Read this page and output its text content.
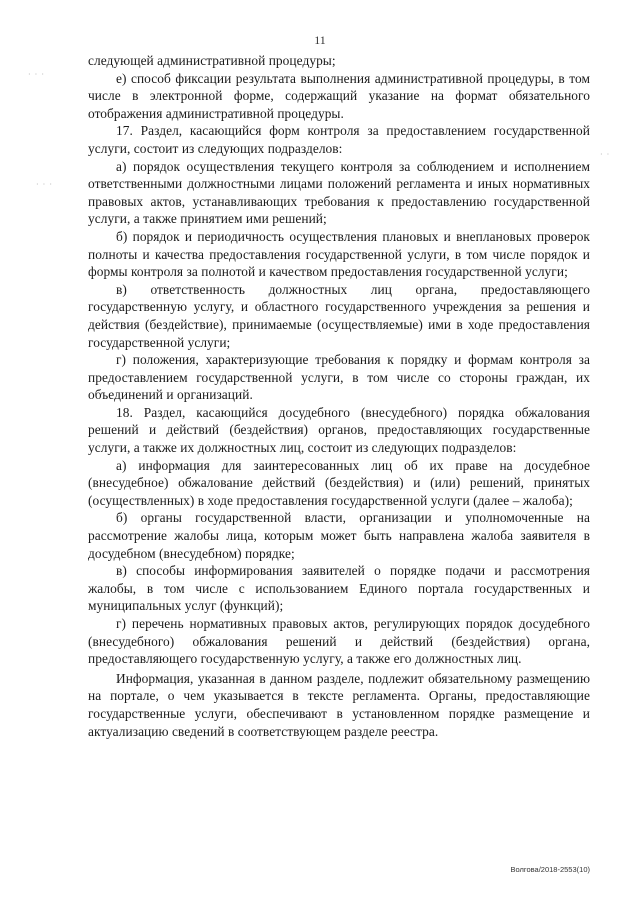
11
· · ·
· · ·
· ·

следующей административной процедуры;

е) способ фиксации результата выполнения административной процедуры, в том числе в электронной форме, содержащий указание на формат обязательного отображения административной процедуры.

17. Раздел, касающийся форм контроля за предоставлением государственной услуги, состоит из следующих подразделов:

а) порядок осуществления текущего контроля за соблюдением и исполнением ответственными должностными лицами положений регламента и иных нормативных правовых актов, устанавливающих требования к предоставлению государственной услуги, а также принятием ими решений;

б) порядок и периодичность осуществления плановых и внеплановых проверок полноты и качества предоставления государственной услуги, в том числе порядок и формы контроля за полнотой и качеством предоставления государственной услуги;

в) ответственность должностных лиц органа, предоставляющего государственную услугу, и областного государственного учреждения за решения и действия (бездействие), принимаемые (осуществляемые) ими в ходе предоставления государственной услуги;

г) положения, характеризующие требования к порядку и формам контроля за предоставлением государственной услуги, в том числе со стороны граждан, их объединений и организаций.

18. Раздел, касающийся досудебного (внесудебного) порядка обжалования решений и действий (бездействия) органов, предоставляющих государственные услуги, а также их должностных лиц, состоит из следующих подразделов:

а) информация для заинтересованных лиц об их праве на досудебное (внесудебное) обжалование действий (бездействия) и (или) решений, принятых (осуществленных) в ходе предоставления государственной услуги (далее – жалоба);

б) органы государственной власти, организации и уполномоченные на рассмотрение жалобы лица, которым может быть направлена жалоба заявителя в досудебном (внесудебном) порядке;

в) способы информирования заявителей о порядке подачи и рассмотрения жалобы, в том числе с использованием Единого портала государственных и муниципальных услуг (функций);

г) перечень нормативных правовых актов, регулирующих порядок досудебного (внесудебного) обжалования решений и действий (бездействия) органа, предоставляющего государственную услугу, а также его должностных лиц.

Информация, указанная в данном разделе, подлежит обязательному размещению на портале, о чем указывается в тексте регламента. Органы, предоставляющие государственные услуги, обеспечивают в установленном порядке размещение и актуализацию сведений в соответствующем разделе реестра.

Волгова/2018-2553(10)
